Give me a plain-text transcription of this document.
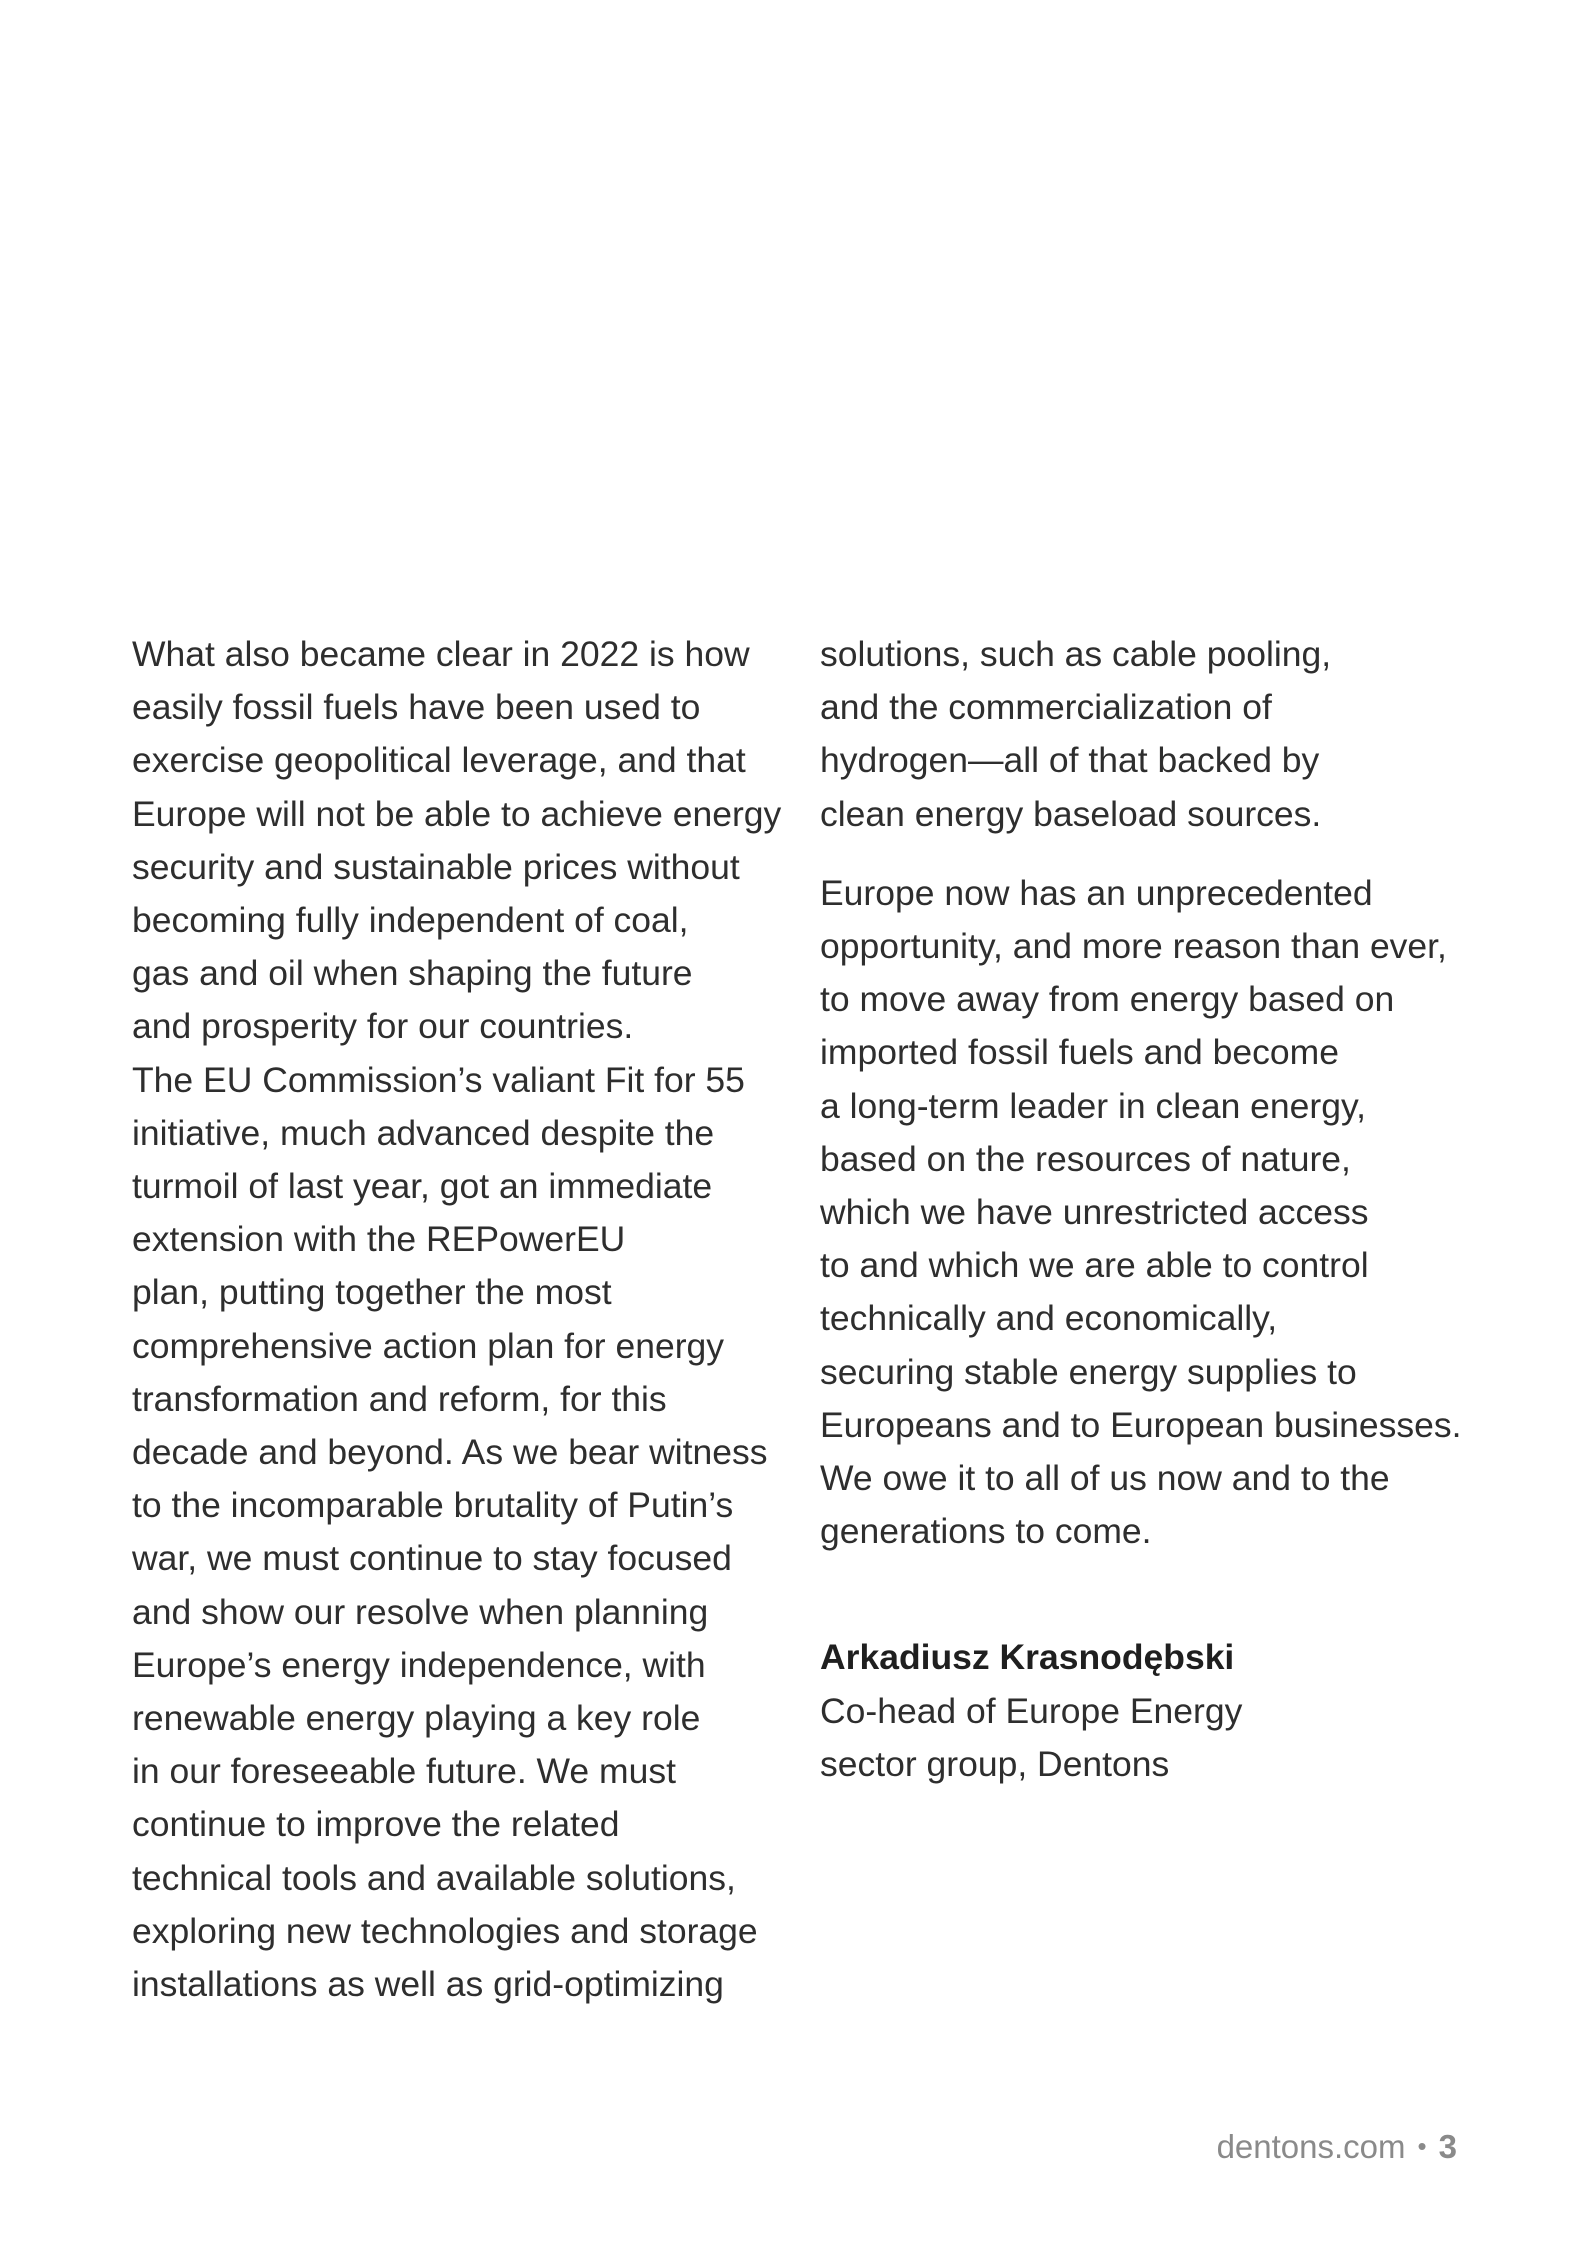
What also became clear in 2022 is how
easily fossil fuels have been used to
exercise geopolitical leverage, and that
Europe will not be able to achieve energy
security and sustainable prices without
becoming fully independent of coal,
gas and oil when shaping the future
and prosperity for our countries.
The EU Commission’s valiant Fit for 55
initiative, much advanced despite the
turmoil of last year, got an immediate
extension with the REPowerEU
plan, putting together the most
comprehensive action plan for energy
transformation and reform, for this
decade and beyond. As we bear witness
to the incomparable brutality of Putin’s
war, we must continue to stay focused
and show our resolve when planning
Europe’s energy independence, with
renewable energy playing a key role
in our foreseeable future. We must
continue to improve the related
technical tools and available solutions,
exploring new technologies and storage
installations as well as grid-optimizing
solutions, such as cable pooling,
and the commercialization of
hydrogen—all of that backed by
clean energy baseload sources.
Europe now has an unprecedented
opportunity, and more reason than ever,
to move away from energy based on
imported fossil fuels and become
a long-term leader in clean energy,
based on the resources of nature,
which we have unrestricted access
to and which we are able to control
technically and economically,
securing stable energy supplies to
Europeans and to European businesses.
We owe it to all of us now and to the
generations to come.
Arkadiusz Krasnodębski
Co-head of Europe Energy
sector group, Dentons
dentons.com • 3
